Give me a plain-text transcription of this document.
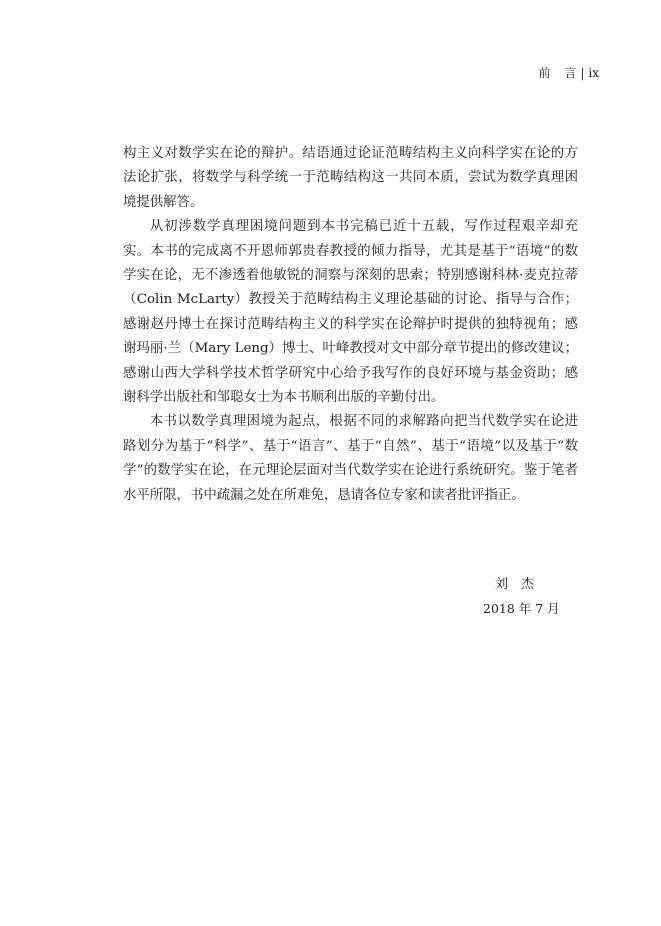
前 言 | ix

构主义对数学实在论的辩护。结语通过论证范畴结构主义向科学实在论的方法论扩张，将数学与科学统一于范畴结构这一共同本质，尝试为数学真理困境提供解答。

从初涉数学真理困境问题到本书完稿已近十五载，写作过程艰辛却充实。本书的完成离不开恩师郭贵春教授的倾力指导，尤其是基于“语境”的数学实在论，无不渗透着他敏锐的洞察与深刻的思索；特别感谢科林·麦克拉蒂（Colin McLarty）教授关于范畴结构主义理论基础的讨论、指导与合作；感谢赵丹博士在探讨范畴结构主义的科学实在论辩护时提供的独特视角；感谢玛丽·兰（Mary Leng）博士、叶峰教授对文中部分章节提出的修改建议；感谢山西大学科学技术哲学研究中心给予我写作的良好环境与基金资助；感谢科学出版社和邹聪女士为本书顺利出版的辛勤付出。

本书以数学真理困境为起点，根据不同的求解路向把当代数学实在论进路划分为基于“科学”、基于“语言”、基于“自然”、基于“语境”以及基于“数学”的数学实在论，在元理论层面对当代数学实在论进行系统研究。鉴于笔者水平所限，书中疏漏之处在所难免，恳请各位专家和读者批评指正。

刘　杰
2018 年 7 月
